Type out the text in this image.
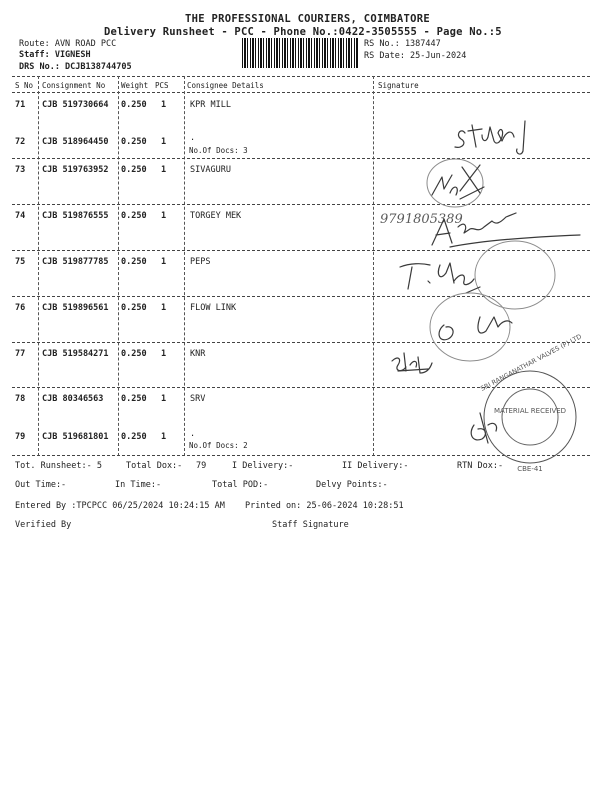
THE PROFESSIONAL COURIERS, COIMBATORE
Delivery Runsheet - PCC - Phone No.:0422-3505555 - Page No.:5
Route: AVN ROAD PCC
Staff: VIGNESH
DRS No.: DCJB138744705
RS No.: 1387447
RS Date: 25-Jun-2024
S No Consignment No Weight PCS Consignee Details	Signature
71 CJB 519730664 0.250 1	KPR MILL
72 CJB 518964450 0.250 1	.
No.Of Docs: 3
73 CJB 519763952 0.250 1	SIVAGURU
74 CJB 519876555 0.250 1	TORGEY MEK
75 CJB 519877785 0.250 1	PEPS
76 CJB 519896561 0.250 1	FLOW LINK
77 CJB 519584271 0.250 1	KNR
78 CJB 80346563 0.250 1	SRV
79 CJB 519681801 0.250 1	.
No.Of Docs: 2
9791805389
MATERIAL RECEIVED
CBE-41
SRI RANGANATHAR VALVES (P) LTD
Tot. Runsheet:- 5	Total Dox:- 79	I Delivery:-	II Delivery:-	RTN Dox:-
Out Time:-	In Time:-	Total POD:-	Delvy Points:-
Entered By :TPCPCC 06/25/2024 10:24:15 AM Printed on: 25-06-2024 10:28:51
Verified By	Staff Signature
